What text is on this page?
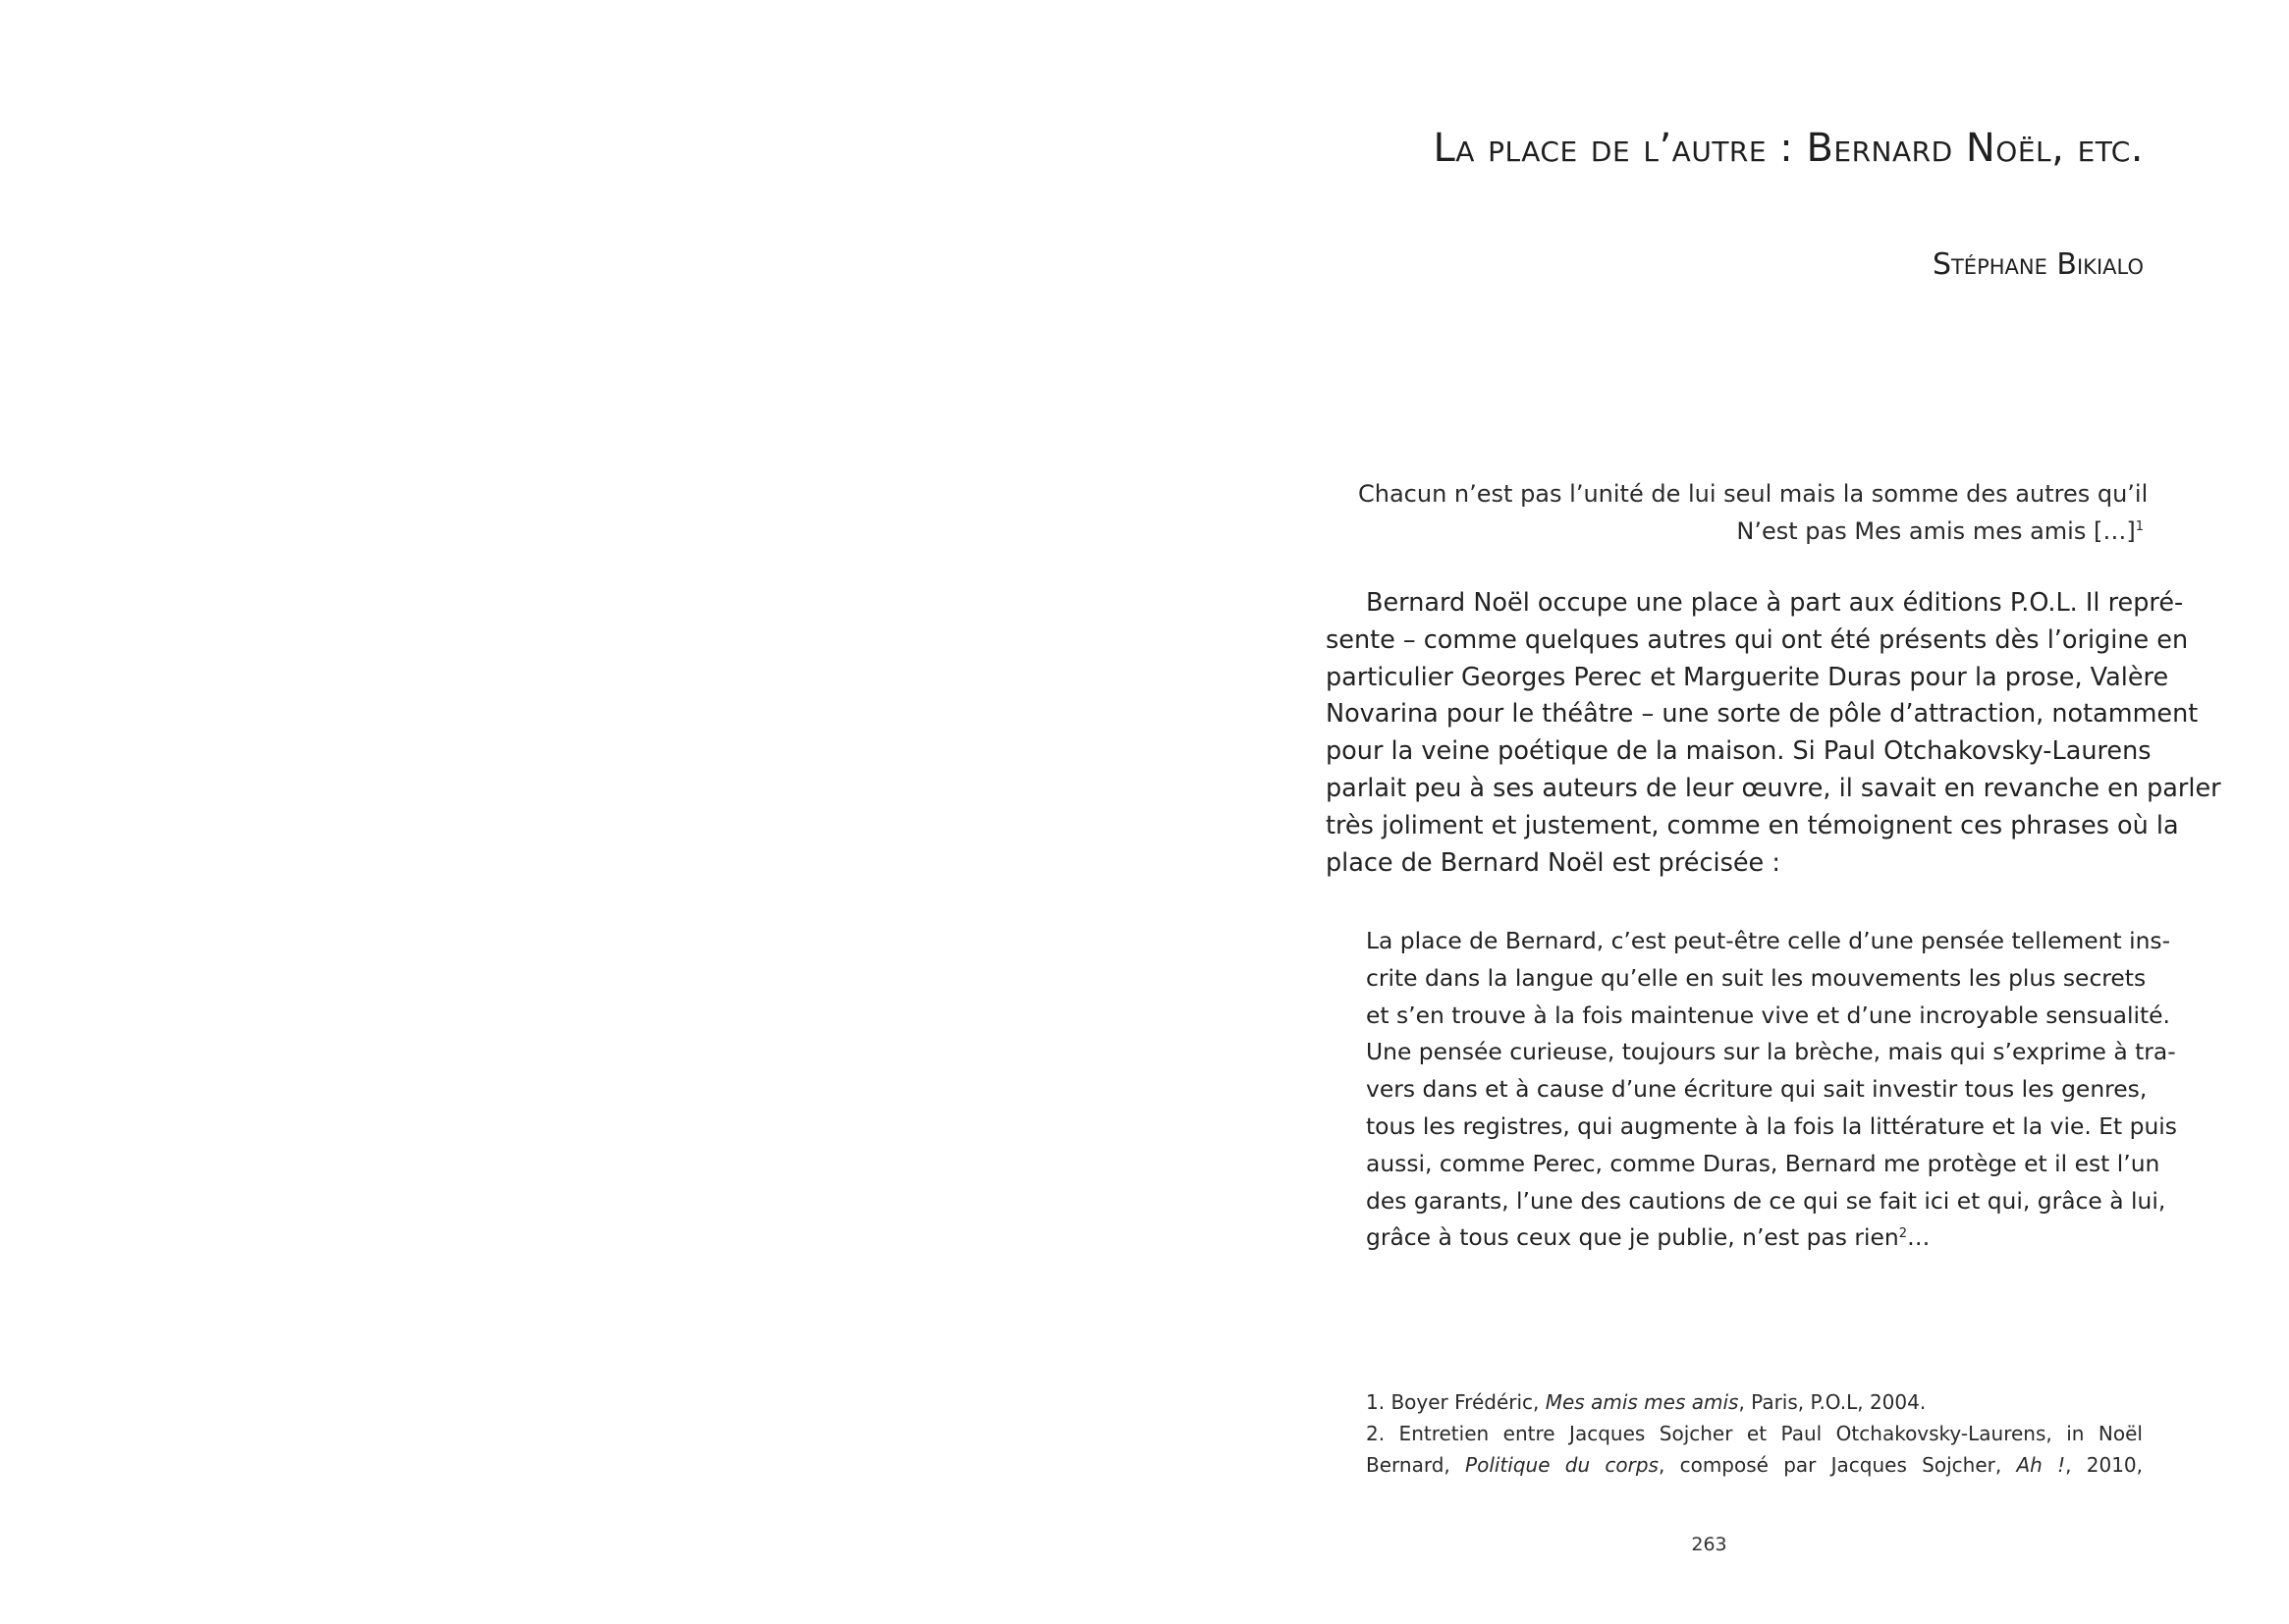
La place de l’autre : Bernard Noël, etc.
Stéphane Bikialo
Chacun n’est pas l’unité de lui seul mais la somme des autres qu’il
N’est pas Mes amis mes amis […]$^1$
Bernard Noël occupe une place à part aux éditions P.O.L. Il repré-
sente – comme quelques autres qui ont été présents dès l’origine en
particulier Georges Perec et Marguerite Duras pour la prose, Valère
Novarina pour le théâtre – une sorte de pôle d’attraction, notamment
pour la veine poétique de la maison. Si Paul Otchakovsky-Laurens
parlait peu à ses auteurs de leur œuvre, il savait en revanche en parler
très joliment et justement, comme en témoignent ces phrases où la
place de Bernard Noël est précisée :
La place de Bernard, c’est peut-être celle d’une pensée tellement ins-
crite dans la langue qu’elle en suit les mouvements les plus secrets
et s’en trouve à la fois maintenue vive et d’une incroyable sensualité.
Une pensée curieuse, toujours sur la brèche, mais qui s’exprime à tra-
vers dans et à cause d’une écriture qui sait investir tous les genres,
tous les registres, qui augmente à la fois la littérature et la vie. Et puis
aussi, comme Perec, comme Duras, Bernard me protège et il est l’un
des garants, l’une des cautions de ce qui se fait ici et qui, grâce à lui,
grâce à tous ceux que je publie, n’est pas rien$^2$…
1. Boyer Frédéric, Mes amis mes amis, Paris, P.O.L, 2004.
2. Entretien entre Jacques Sojcher et Paul Otchakovsky-Laurens, in Noël
Bernard, Politique du corps, composé par Jacques Sojcher, Ah !, 2010,
263
